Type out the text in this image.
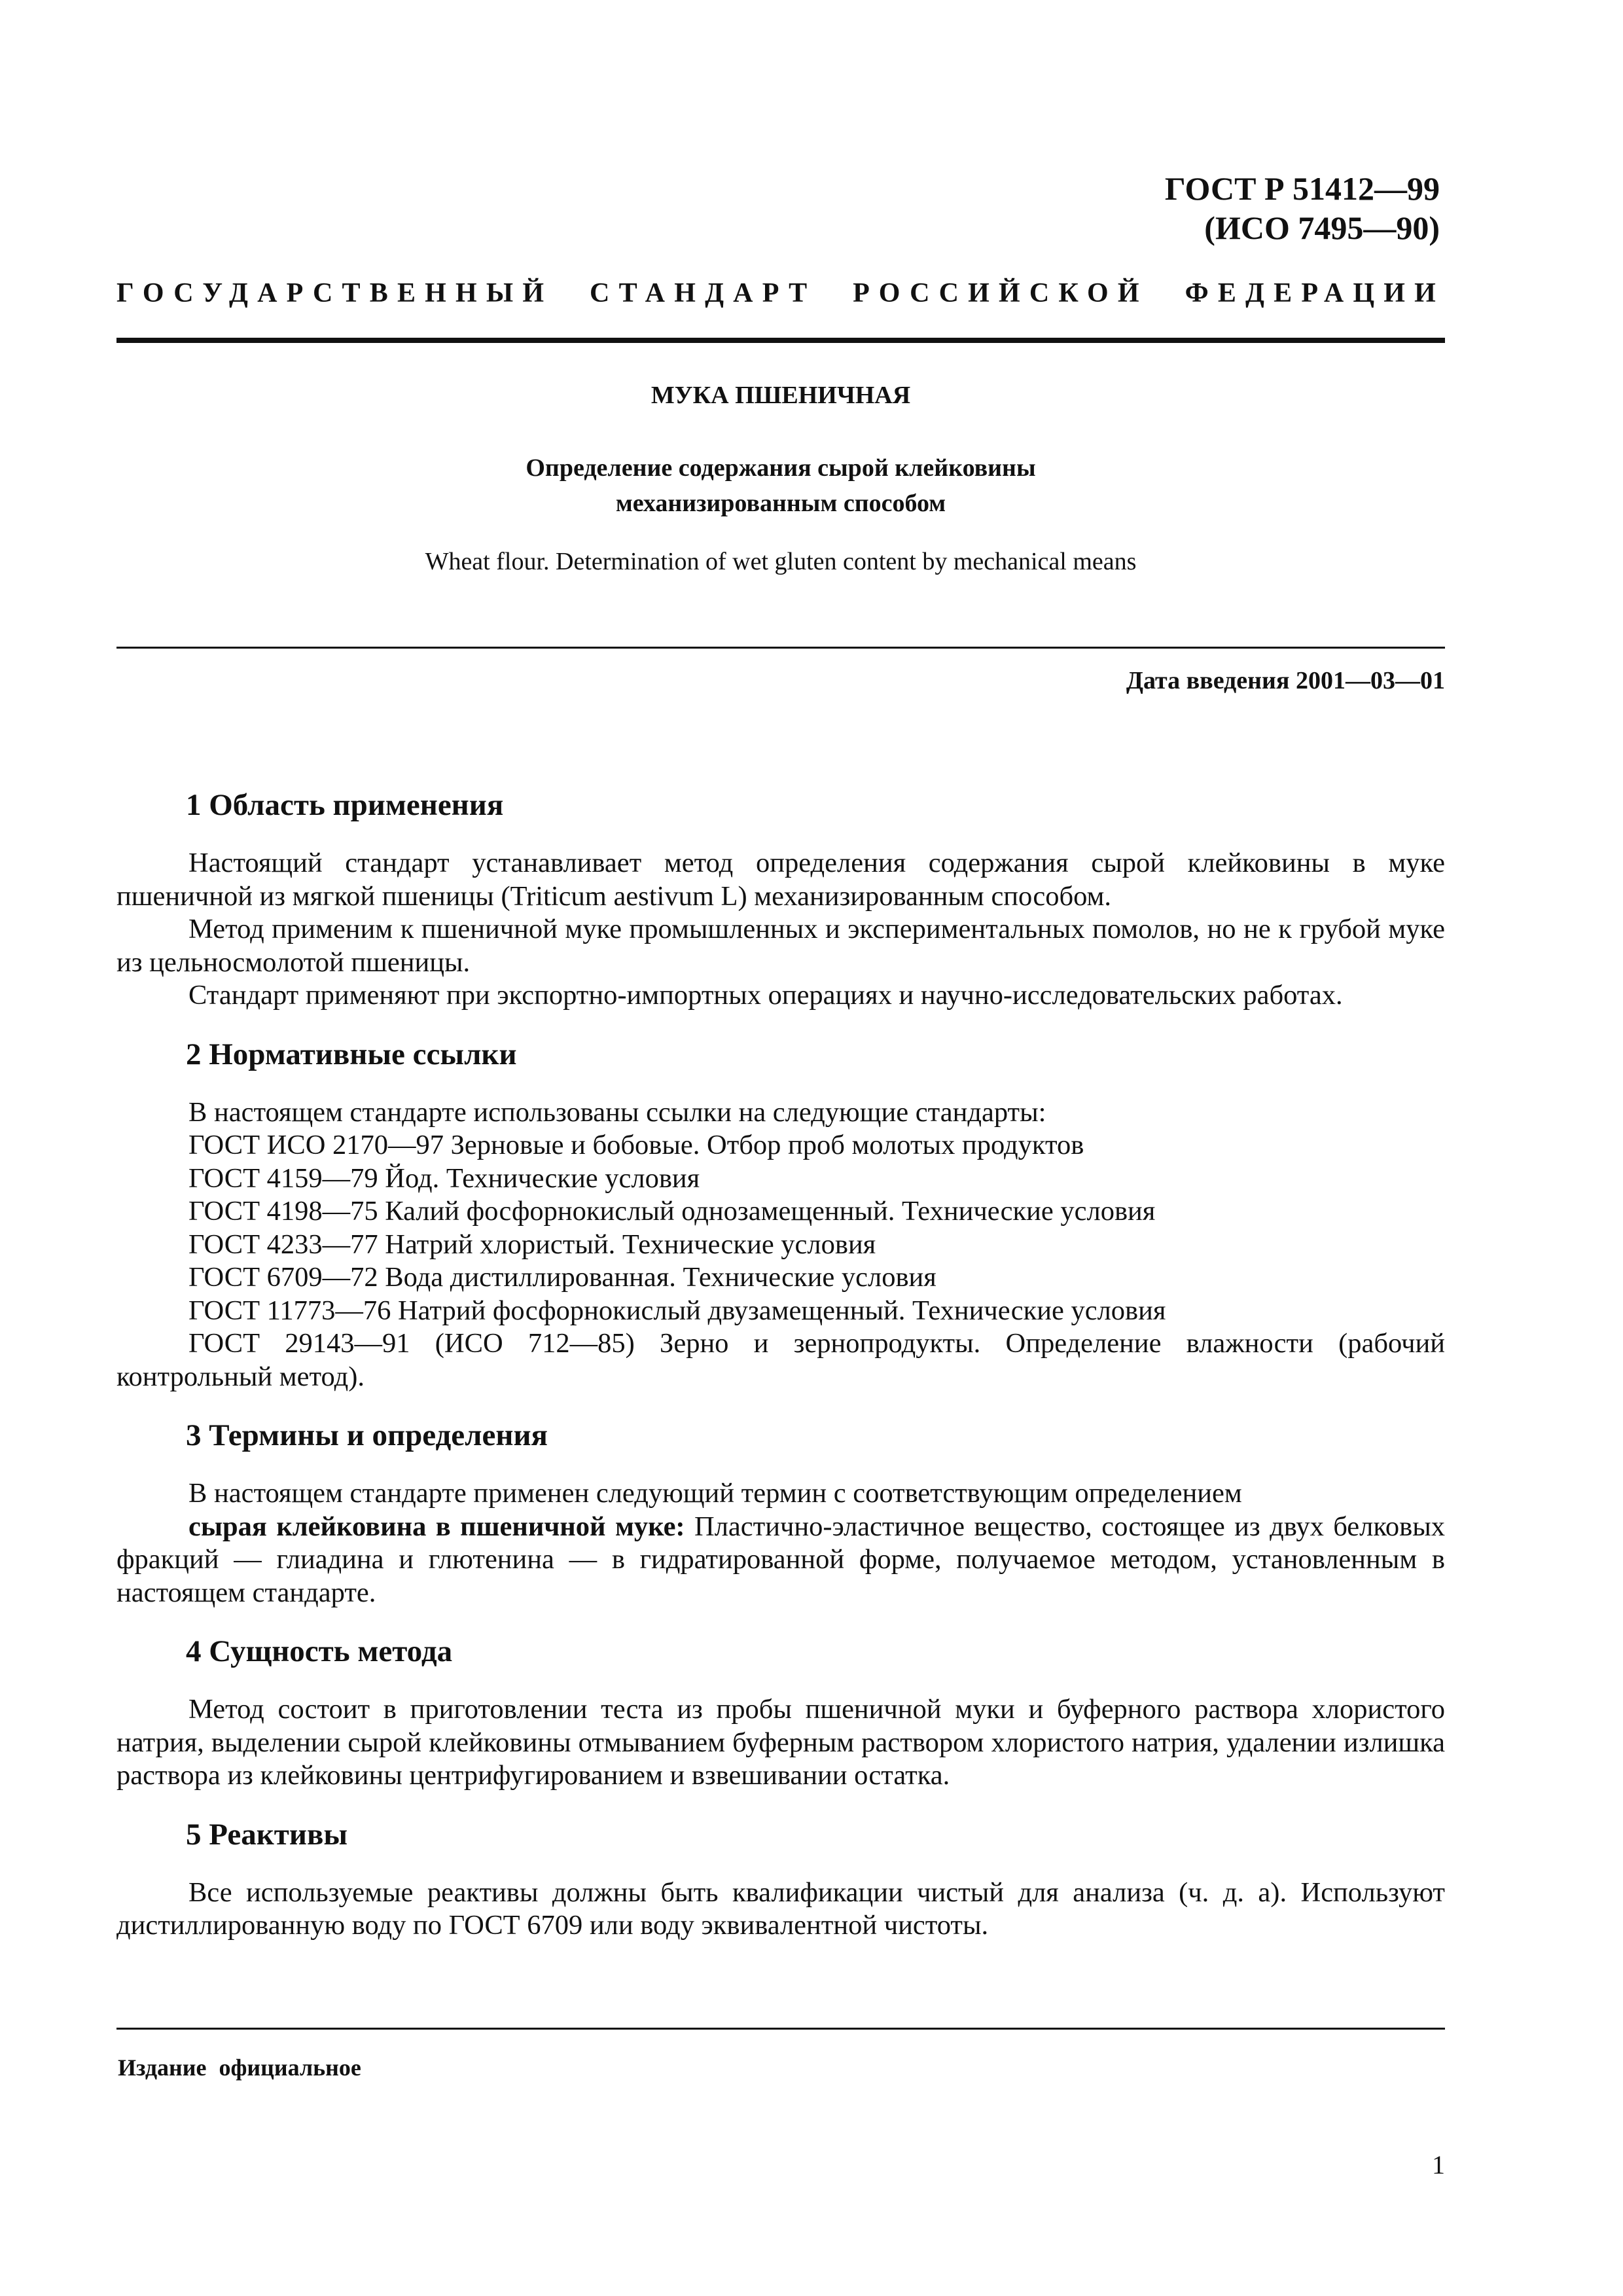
ГОСТ Р 51412—99
(ИСО 7495—90)
ГОСУДАРСТВЕННЫЙ СТАНДАРТ РОССИЙСКОЙ ФЕДЕРАЦИИ
МУКА ПШЕНИЧНАЯ
Определение содержания сырой клейковины
механизированным способом
Wheat flour. Determination of wet gluten content by mechanical means
Дата введения 2001—03—01
1 Область применения

Настоящий стандарт устанавливает метод определения содержания сырой клейковины в муке пшеничной из мягкой пшеницы (Triticum aestivum L) механизированным способом.

Метод применим к пшеничной муке промышленных и экспериментальных помолов, но не к грубой муке из цельносмолотой пшеницы.

Стандарт применяют при экспортно-импортных операциях и научно-исследовательских работах.

2 Нормативные ссылки

В настоящем стандарте использованы ссылки на следующие стандарты:

ГОСТ ИСО 2170—97 Зерновые и бобовые. Отбор проб молотых продуктов
ГОСТ 4159—79 Йод. Технические условия
ГОСТ 4198—75 Калий фосфорнокислый однозамещенный. Технические условия
ГОСТ 4233—77 Натрий хлористый. Технические условия
ГОСТ 6709—72 Вода дистиллированная. Технические условия
ГОСТ 11773—76 Натрий фосфорнокислый двузамещенный. Технические условия

ГОСТ 29143—91 (ИСО 712—85) Зерно и зернопродукты. Определение влажности (рабочий контрольный метод).

3 Термины и определения

В настоящем стандарте применен следующий термин с соответствующим определением

сырая клейковина в пшеничной муке: Пластично-эластичное вещество, состоящее из двух белковых фракций — глиадина и глютенина — в гидратированной форме, получаемое методом, установленным в настоящем стандарте.

4 Сущность метода

Метод состоит в приготовлении теста из пробы пшеничной муки и буферного раствора хлористого натрия, выделении сырой клейковины отмыванием буферным раствором хлористого натрия, удалении излишка раствора из клейковины центрифугированием и взвешивании остатка.

5 Реактивы

Все используемые реактивы должны быть квалификации чистый для анализа (ч. д. а). Используют дистиллированную воду по ГОСТ 6709 или воду эквивалентной чистоты.

Издание официальное
1
